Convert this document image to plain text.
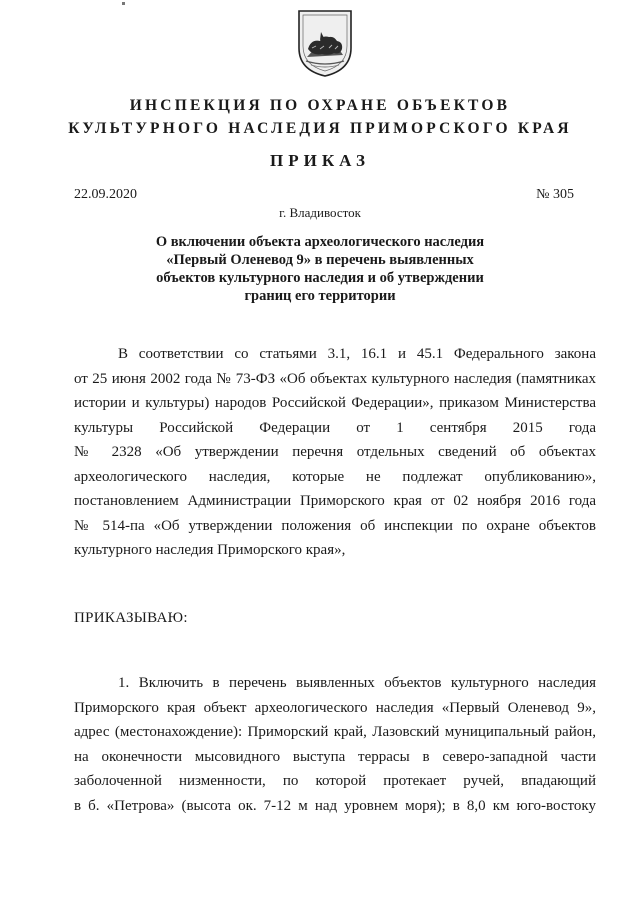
ИНСПЕКЦИЯ ПО ОХРАНЕ ОБЪЕКТОВ
КУЛЬТУРНОГО НАСЛЕДИЯ ПРИМОРСКОГО КРАЯ
ПРИКАЗ
22.09.2020	№ 305
г. Владивосток
О включении объекта археологического наследия
«Первый Оленевод 9» в перечень выявленных
объектов культурного наследия и об утверждении
границ его территории
В соответствии со статьями 3.1, 16.1 и 45.1 Федерального закона
от 25 июня 2002 года № 73-ФЗ «Об объектах культурного наследия (памятниках
истории и культуры) народов Российской Федерации», приказом Министерства
культуры Российской Федерации от 1 сентября 2015 года
№ 2328 «Об утверждении перечня отдельных сведений об объектах
археологического наследия, которые не подлежат опубликованию»,
постановлением Администрации Приморского края от 02 ноября 2016 года
№ 514-па «Об утверждении положения об инспекции по охране объектов
культурного наследия Приморского края»,
ПРИКАЗЫВАЮ:
1. Включить в перечень выявленных объектов культурного наследия
Приморского края объект археологического наследия «Первый Оленевод 9»,
адрес (местонахождение): Приморский край, Лазовский муниципальный район,
на оконечности мысовидного выступа террасы в северо-западной части
заболоченной низменности, по которой протекает ручей, впадающий
в б. «Петрова» (высота ок. 7-12 м над уровнем моря); в 8,0 км юго-востоку
